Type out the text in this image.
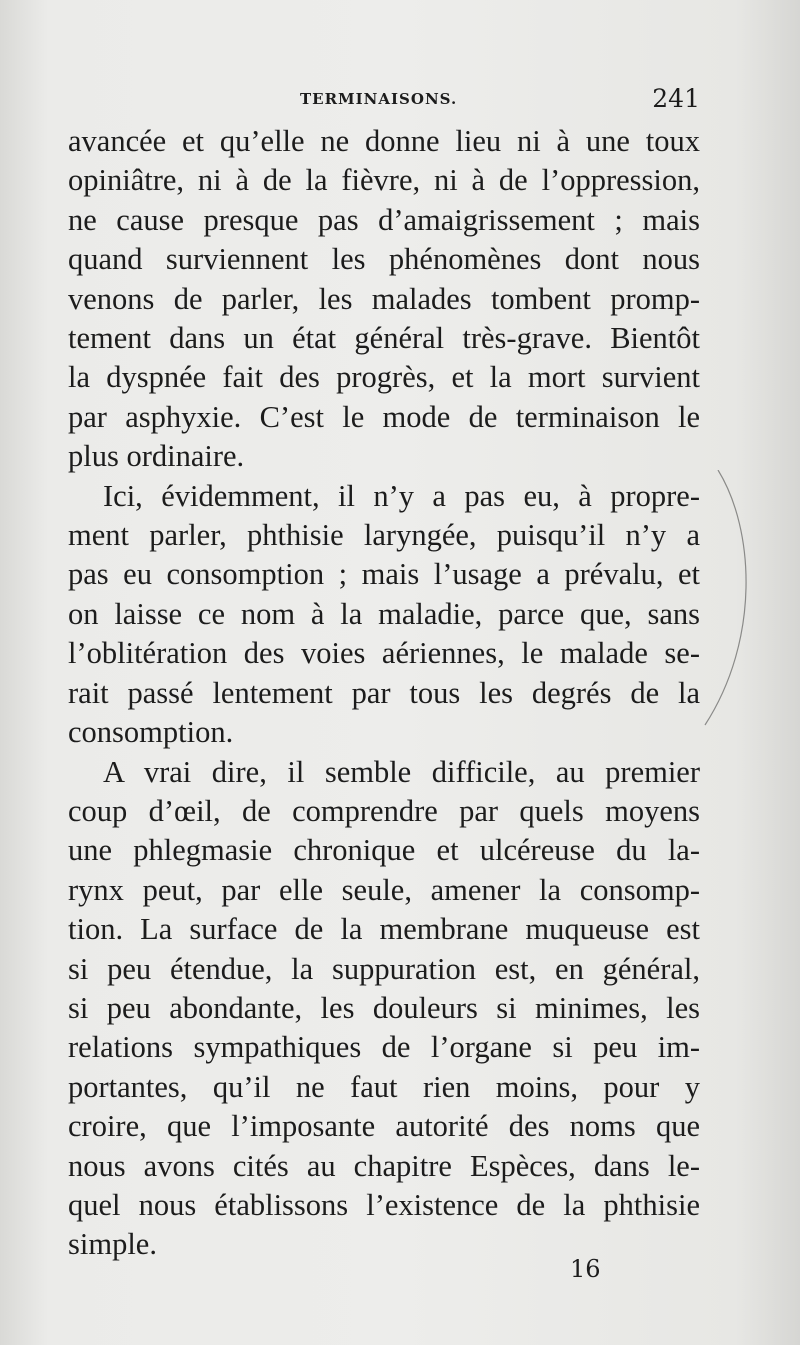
TERMINAISONS.	241
avancée et qu’elle ne donne lieu ni à une toux
opiniâtre, ni à de la fièvre, ni à de l’oppression,
ne cause presque pas d’amaigrissement ; mais
quand surviennent les phénomènes dont nous
venons de parler, les malades tombent promp-
tement dans un état général très-grave. Bientôt
la dyspnée fait des progrès, et la mort survient
par asphyxie. C’est le mode de terminaison le
plus ordinaire.
Ici, évidemment, il n’y a pas eu, à propre-
ment parler, phthisie laryngée, puisqu’il n’y a
pas eu consomption ; mais l’usage a prévalu, et
on laisse ce nom à la maladie, parce que, sans
l’oblitération des voies aériennes, le malade se-
rait passé lentement par tous les degrés de la
consomption.
A vrai dire, il semble difficile, au premier
coup d’œil, de comprendre par quels moyens
une phlegmasie chronique et ulcéreuse du la-
rynx peut, par elle seule, amener la consomp-
tion. La surface de la membrane muqueuse est
si peu étendue, la suppuration est, en général,
si peu abondante, les douleurs si minimes, les
relations sympathiques de l’organe si peu im-
portantes, qu’il ne faut rien moins, pour y
croire, que l’imposante autorité des noms que
nous avons cités au chapitre Espèces, dans le-
quel nous établissons l’existence de la phthisie
simple.
16
